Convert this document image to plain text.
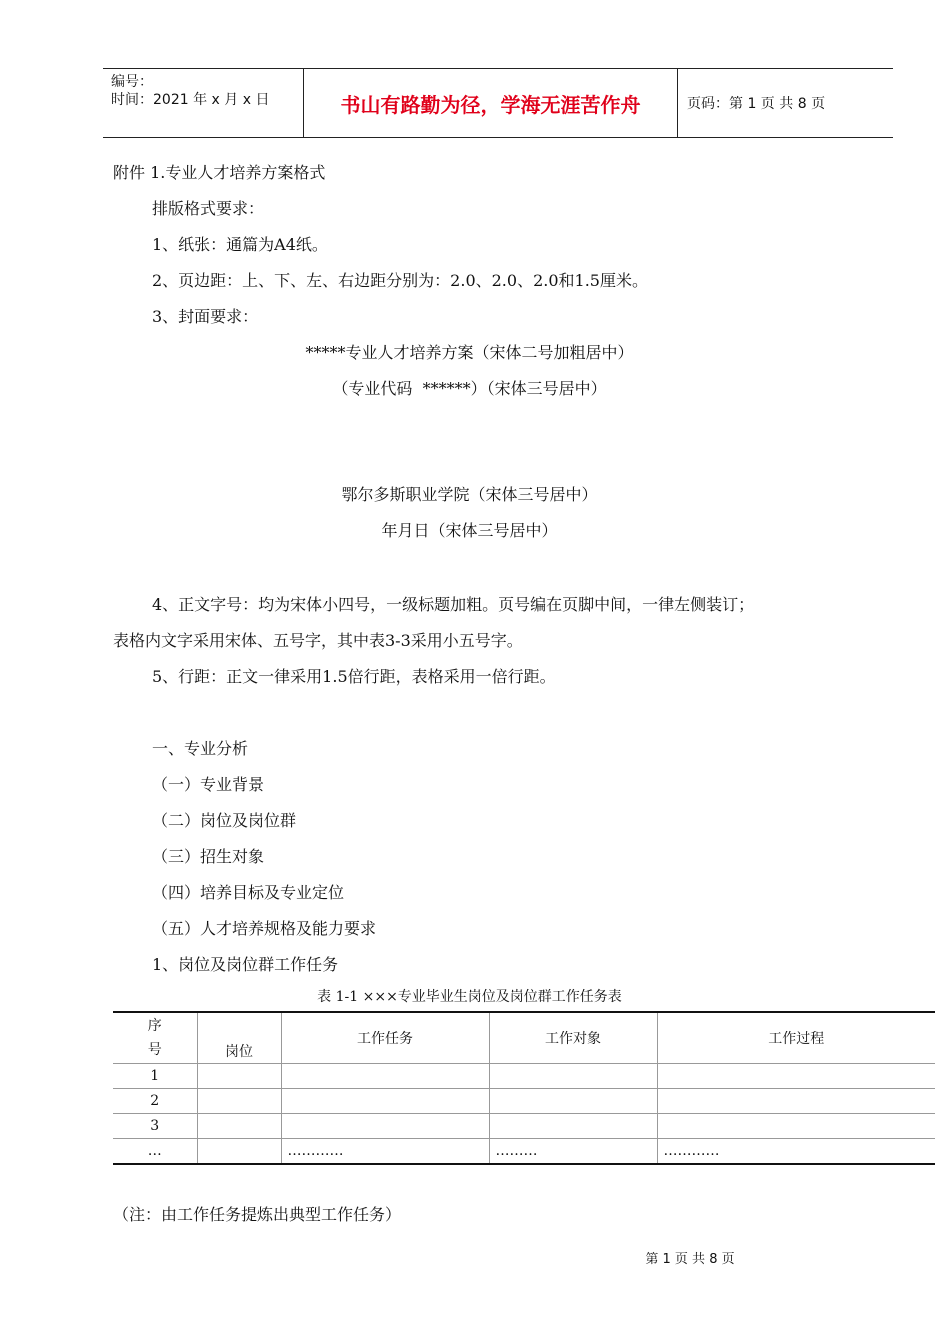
编号：
时间：2021 年 x 月 x 日	书山有路勤为径，学海无涯苦作舟	页码：第 1 页 共 8 页
附件 1.专业人才培养方案格式
排版格式要求：
1、纸张：通篇为A4纸。
2、页边距：上、下、左、右边距分别为：2.0、2.0、2.0和1.5厘米。
3、封面要求：
*****专业人才培养方案（宋体二号加粗居中）
（专业代码  ******）（宋体三号居中）
鄂尔多斯职业学院（宋体三号居中）
年月日（宋体三号居中）
4、正文字号：均为宋体小四号，一级标题加粗。页号编在页脚中间，一律左侧装订；
表格内文字采用宋体、五号字，其中表3-3采用小五号字。
5、行距：正文一律采用1.5倍行距，表格采用一倍行距。
一、专业分析
（一）专业背景
（二）岗位及岗位群
（三）招生对象
（四）培养目标及专业定位
（五）人才培养规格及能力要求
1、岗位及岗位群工作任务
表 1-1 ×××专业毕业生岗位及岗位群工作任务表
序
号	岗位	工作任务	工作对象	工作过程
1				
2				
3				
…		…………	………	…………
（注：由工作任务提炼出典型工作任务）
第 1 页 共 8 页
